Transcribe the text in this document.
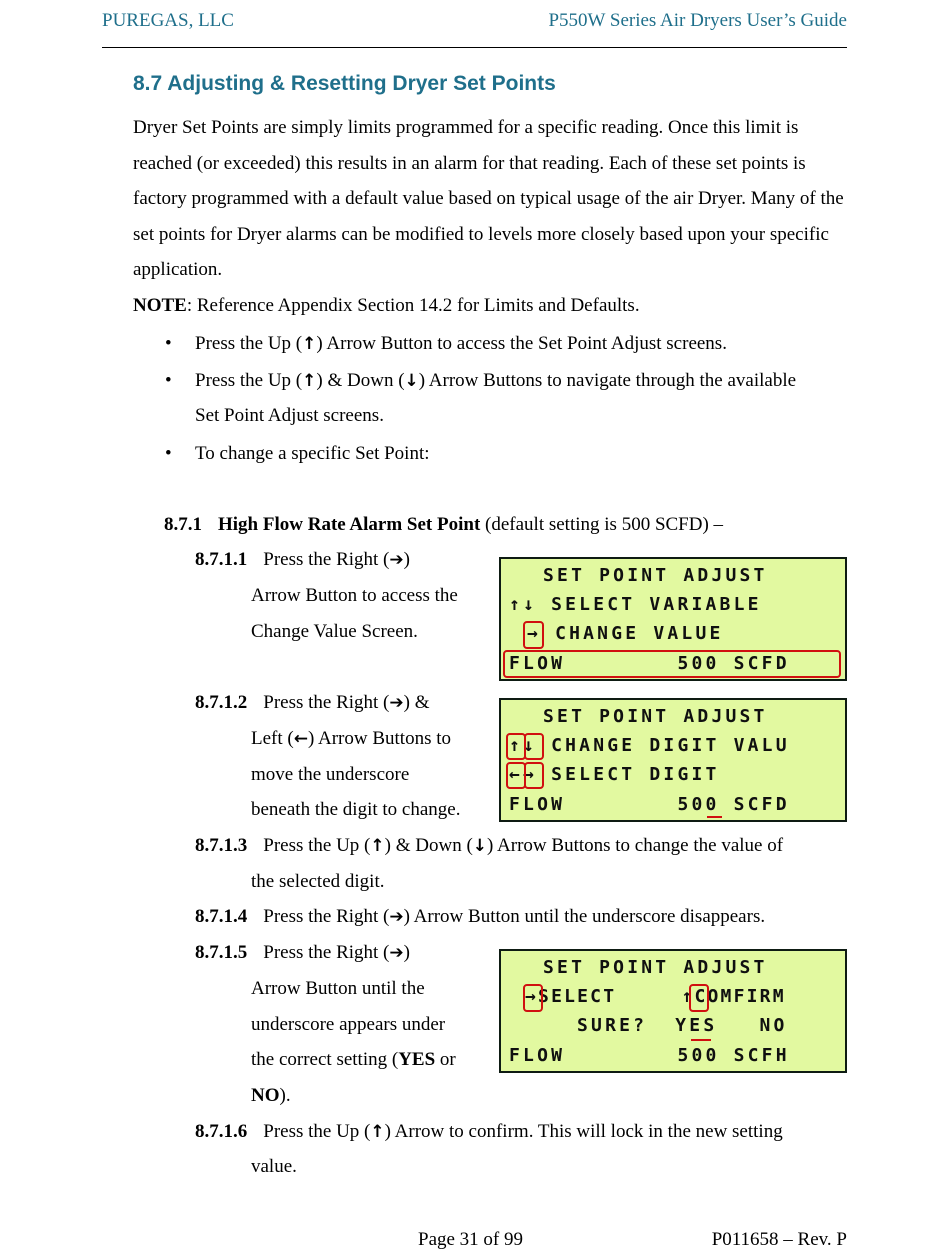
PUREGAS, LLC	P550W Series Air Dryers User’s Guide
8.7 Adjusting & Resetting Dryer Set Points
Dryer Set Points are simply limits programmed for a specific reading. Once this limit is reached (or exceeded) this results in an alarm for that reading. Each of these set points is factory programmed with a default value based on typical usage of the air Dryer. Many of the set points for Dryer alarms can be modified to levels more closely based upon your specific application.
NOTE: Reference Appendix Section 14.2 for Limits and Defaults.
• Press the Up (↑) Arrow Button to access the Set Point Adjust screens.
• Press the Up (↑) & Down (↓) Arrow Buttons to navigate through the available
Set Point Adjust screens.
• To change a specific Set Point:
8.7.1 High Flow Rate Alarm Set Point (default setting is 500 SCFD) –
8.7.1.1 Press the Right (➔)
Arrow Button to access the
Change Value Screen.
SET POINT ADJUST
↑↓ SELECT VARIABLE
→ CHANGE VALUE
FLOW        500 SCFD
8.7.1.2 Press the Right (➔) &
Left (←) Arrow Buttons to
move the underscore
beneath the digit to change.
SET POINT ADJUST
↑↓ CHANGE DIGIT VALU
←→ SELECT DIGIT
FLOW        500 SCFD
8.7.1.3 Press the Up (↑) & Down (↓) Arrow Buttons to change the value of
the selected digit.
8.7.1.4 Press the Right (➔) Arrow Button until the underscore disappears.
8.7.1.5 Press the Right (➔)
Arrow Button until the
underscore appears under
the correct setting (YES or
NO).
SET POINT ADJUST
→SELECT     ↑COMFIRM
SURE?  YES   NO
FLOW        500 SCFH
8.7.1.6 Press the Up (↑) Arrow to confirm. This will lock in the new setting
value.
Page 31 of 99	P011658 – Rev. P
